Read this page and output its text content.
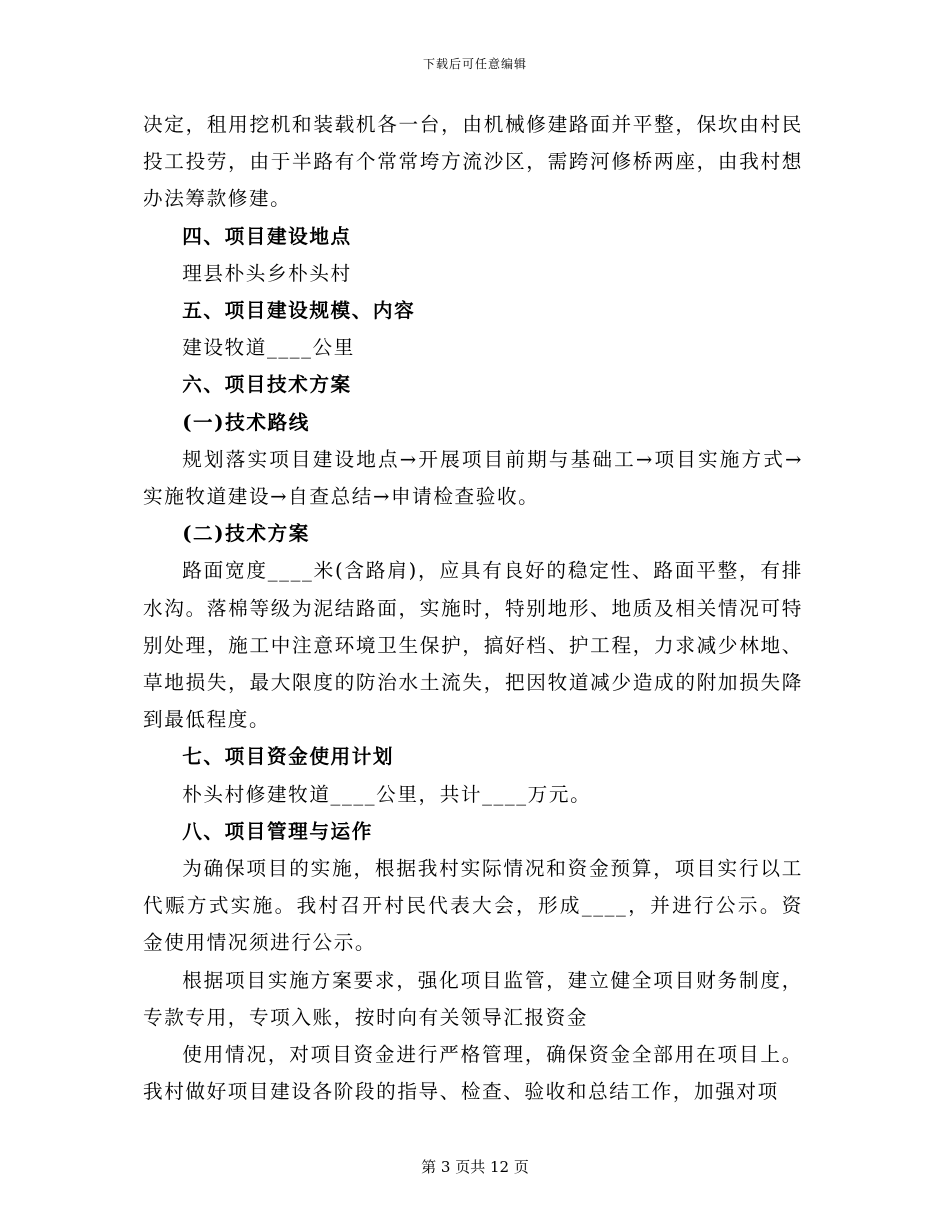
下载后可任意编辑

决定，租用挖机和装载机各一台，由机械修建路面并平整，保坎由村民投工投劳，由于半路有个常常垮方流沙区，需跨河修桥两座，由我村想办法筹款修建。

四、项目建设地点

理县朴头乡朴头村

五、项目建设规模、内容

建设牧道____公里

六、项目技术方案

(一)技术路线

规划落实项目建设地点→开展项目前期与基础工→项目实施方式→实施牧道建设→自查总结→申请检查验收。

(二)技术方案

路面宽度____米(含路肩)，应具有良好的稳定性、路面平整，有排水沟。落棉等级为泥结路面，实施时，特别地形、地质及相关情况可特别处理，施工中注意环境卫生保护，搞好档、护工程，力求减少林地、草地损失，最大限度的防治水土流失，把因牧道减少造成的附加损失降到最低程度。

七、项目资金使用计划

朴头村修建牧道____公里，共计____万元。

八、项目管理与运作

为确保项目的实施，根据我村实际情况和资金预算，项目实行以工代赈方式实施。我村召开村民代表大会，形成____，并进行公示。资金使用情况须进行公示。

根据项目实施方案要求，强化项目监管，建立健全项目财务制度，专款专用，专项入账，按时向有关领导汇报资金

使用情况，对项目资金进行严格管理，确保资金全部用在项目上。我村做好项目建设各阶段的指导、检查、验收和总结工作，加强对项

第 3 页共 12 页
